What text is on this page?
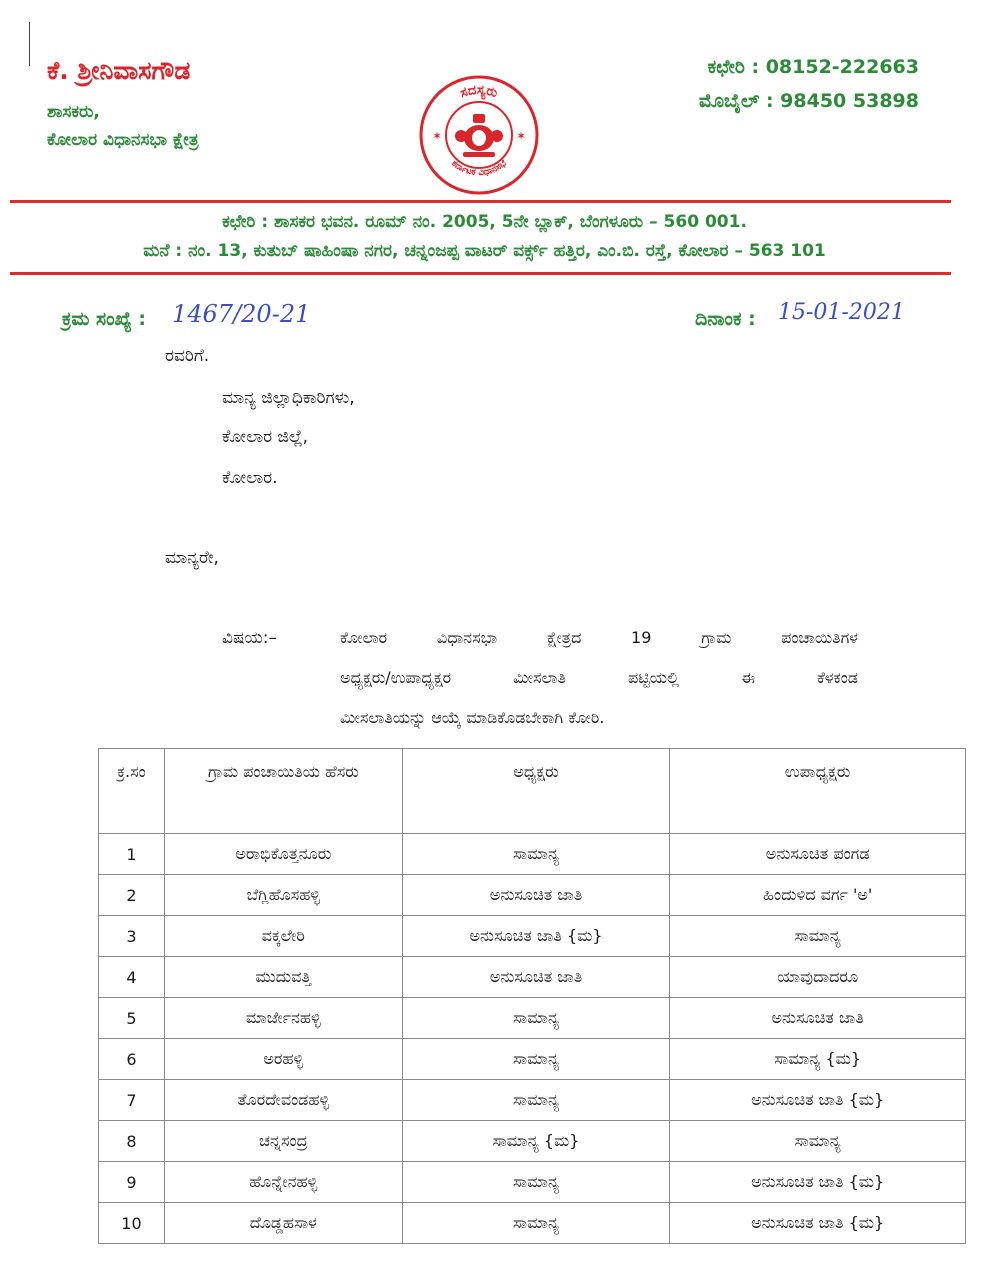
ಕೆ. ಶ್ರೀನಿವಾಸಗೌಡ
ಶಾಸಕರು,
ಕೋಲಾರ ವಿಧಾನಸಭಾ ಕ್ಷೇತ್ರ
ಕಛೇರಿ : 08152-222663
ಮೊಬೈಲ್ : 98450 53898
ಸದಸ್ಯರು
ಕರ್ನಾಟಕ ವಿಧಾನಸಭೆ
✶	✶
ಕಛೇರಿ : ಶಾಸಕರ ಭವನ. ರೂಮ್ ನಂ. 2005, 5ನೇ ಬ್ಲಾಕ್, ಬೆಂಗಳೂರು – 560 001.
ಮನೆ : ನಂ. 13, ಕುತುಬ್ ಷಾಹಿಂಷಾ ನಗರ, ಚನ್ನಂಜಪ್ಪ ವಾಟರ್ ವರ್ಕ್ಸ್ ಹತ್ತಿರ, ಎಂ.ಬಿ. ರಸ್ತೆ, ಕೋಲಾರ – 563 101
ಕ್ರಮ ಸಂಖ್ಯೆ : 1467/20-21	ದಿನಾಂಕ : 15-01-2021
ರವರಿಗೆ.
ಮಾನ್ಯ ಜಿಲ್ಲಾಧಿಕಾರಿಗಳು,
ಕೋಲಾರ ಜಿಲ್ಲೆ,
ಕೋಲಾರ.
ಮಾನ್ಯರೇ,
ವಿಷಯ:–	ಕೋಲಾರ ವಿಧಾನಸಭಾ ಕ್ಷೇತ್ರದ 19 ಗ್ರಾಮ ಪಂಚಾಯಿತಿಗಳ
ಅಧ್ಯಕ್ಷರು/ಉಪಾಧ್ಯಕ್ಷರ ಮೀಸಲಾತಿ ಪಟ್ಟಿಯಲ್ಲಿ ಈ ಕೆಳಕಂಡ
ಮೀಸಲಾತಿಯನ್ನು ಆಯ್ಕೆ ಮಾಡಿಕೊಡಬೇಕಾಗಿ ಕೋರಿ.
ಕ್ರ.ಸಂ	ಗ್ರಾಮ ಪಂಚಾಯಿತಿಯ ಹೆಸರು	ಅಧ್ಯಕ್ಷರು	ಉಪಾಧ್ಯಕ್ಷರು
1	ಅರಾಭಿಕೊತ್ತನೂರು	ಸಾಮಾನ್ಯ	ಅನುಸೂಚಿತ ಪಂಗಡ
2	ಬೆಗ್ಲಿಹೊಸಹಳ್ಳಿ	ಅನುಸೂಚಿತ ಜಾತಿ	ಹಿಂದುಳಿದ ವರ್ಗ 'ಅ'
3	ವಕ್ಕಲೇರಿ	ಅನುಸೂಚಿತ ಜಾತಿ {ಮ}	ಸಾಮಾನ್ಯ
4	ಮುದುವತ್ತಿ	ಅನುಸೂಚಿತ ಜಾತಿ	ಯಾವುದಾದರೂ
5	ಮಾರ್ಜೇನಹಳ್ಳಿ	ಸಾಮಾನ್ಯ	ಅನುಸೂಚಿತ ಜಾತಿ
6	ಅರಹಳ್ಳಿ	ಸಾಮಾನ್ಯ	ಸಾಮಾನ್ಯ {ಮ}
7	ತೊರದೇವಂಡಹಳ್ಳಿ	ಸಾಮಾನ್ಯ	ಅನುಸೂಚಿತ ಜಾತಿ {ಮ}
8	ಚನ್ನಸಂದ್ರ	ಸಾಮಾನ್ಯ {ಮ}	ಸಾಮಾನ್ಯ
9	ಹೊನ್ನೇನಹಳ್ಳಿ	ಸಾಮಾನ್ಯ	ಅನುಸೂಚಿತ ಜಾತಿ {ಮ}
10	ದೊಡ್ಡಹಸಾಳ	ಸಾಮಾನ್ಯ	ಅನುಸೂಚಿತ ಜಾತಿ {ಮ}
